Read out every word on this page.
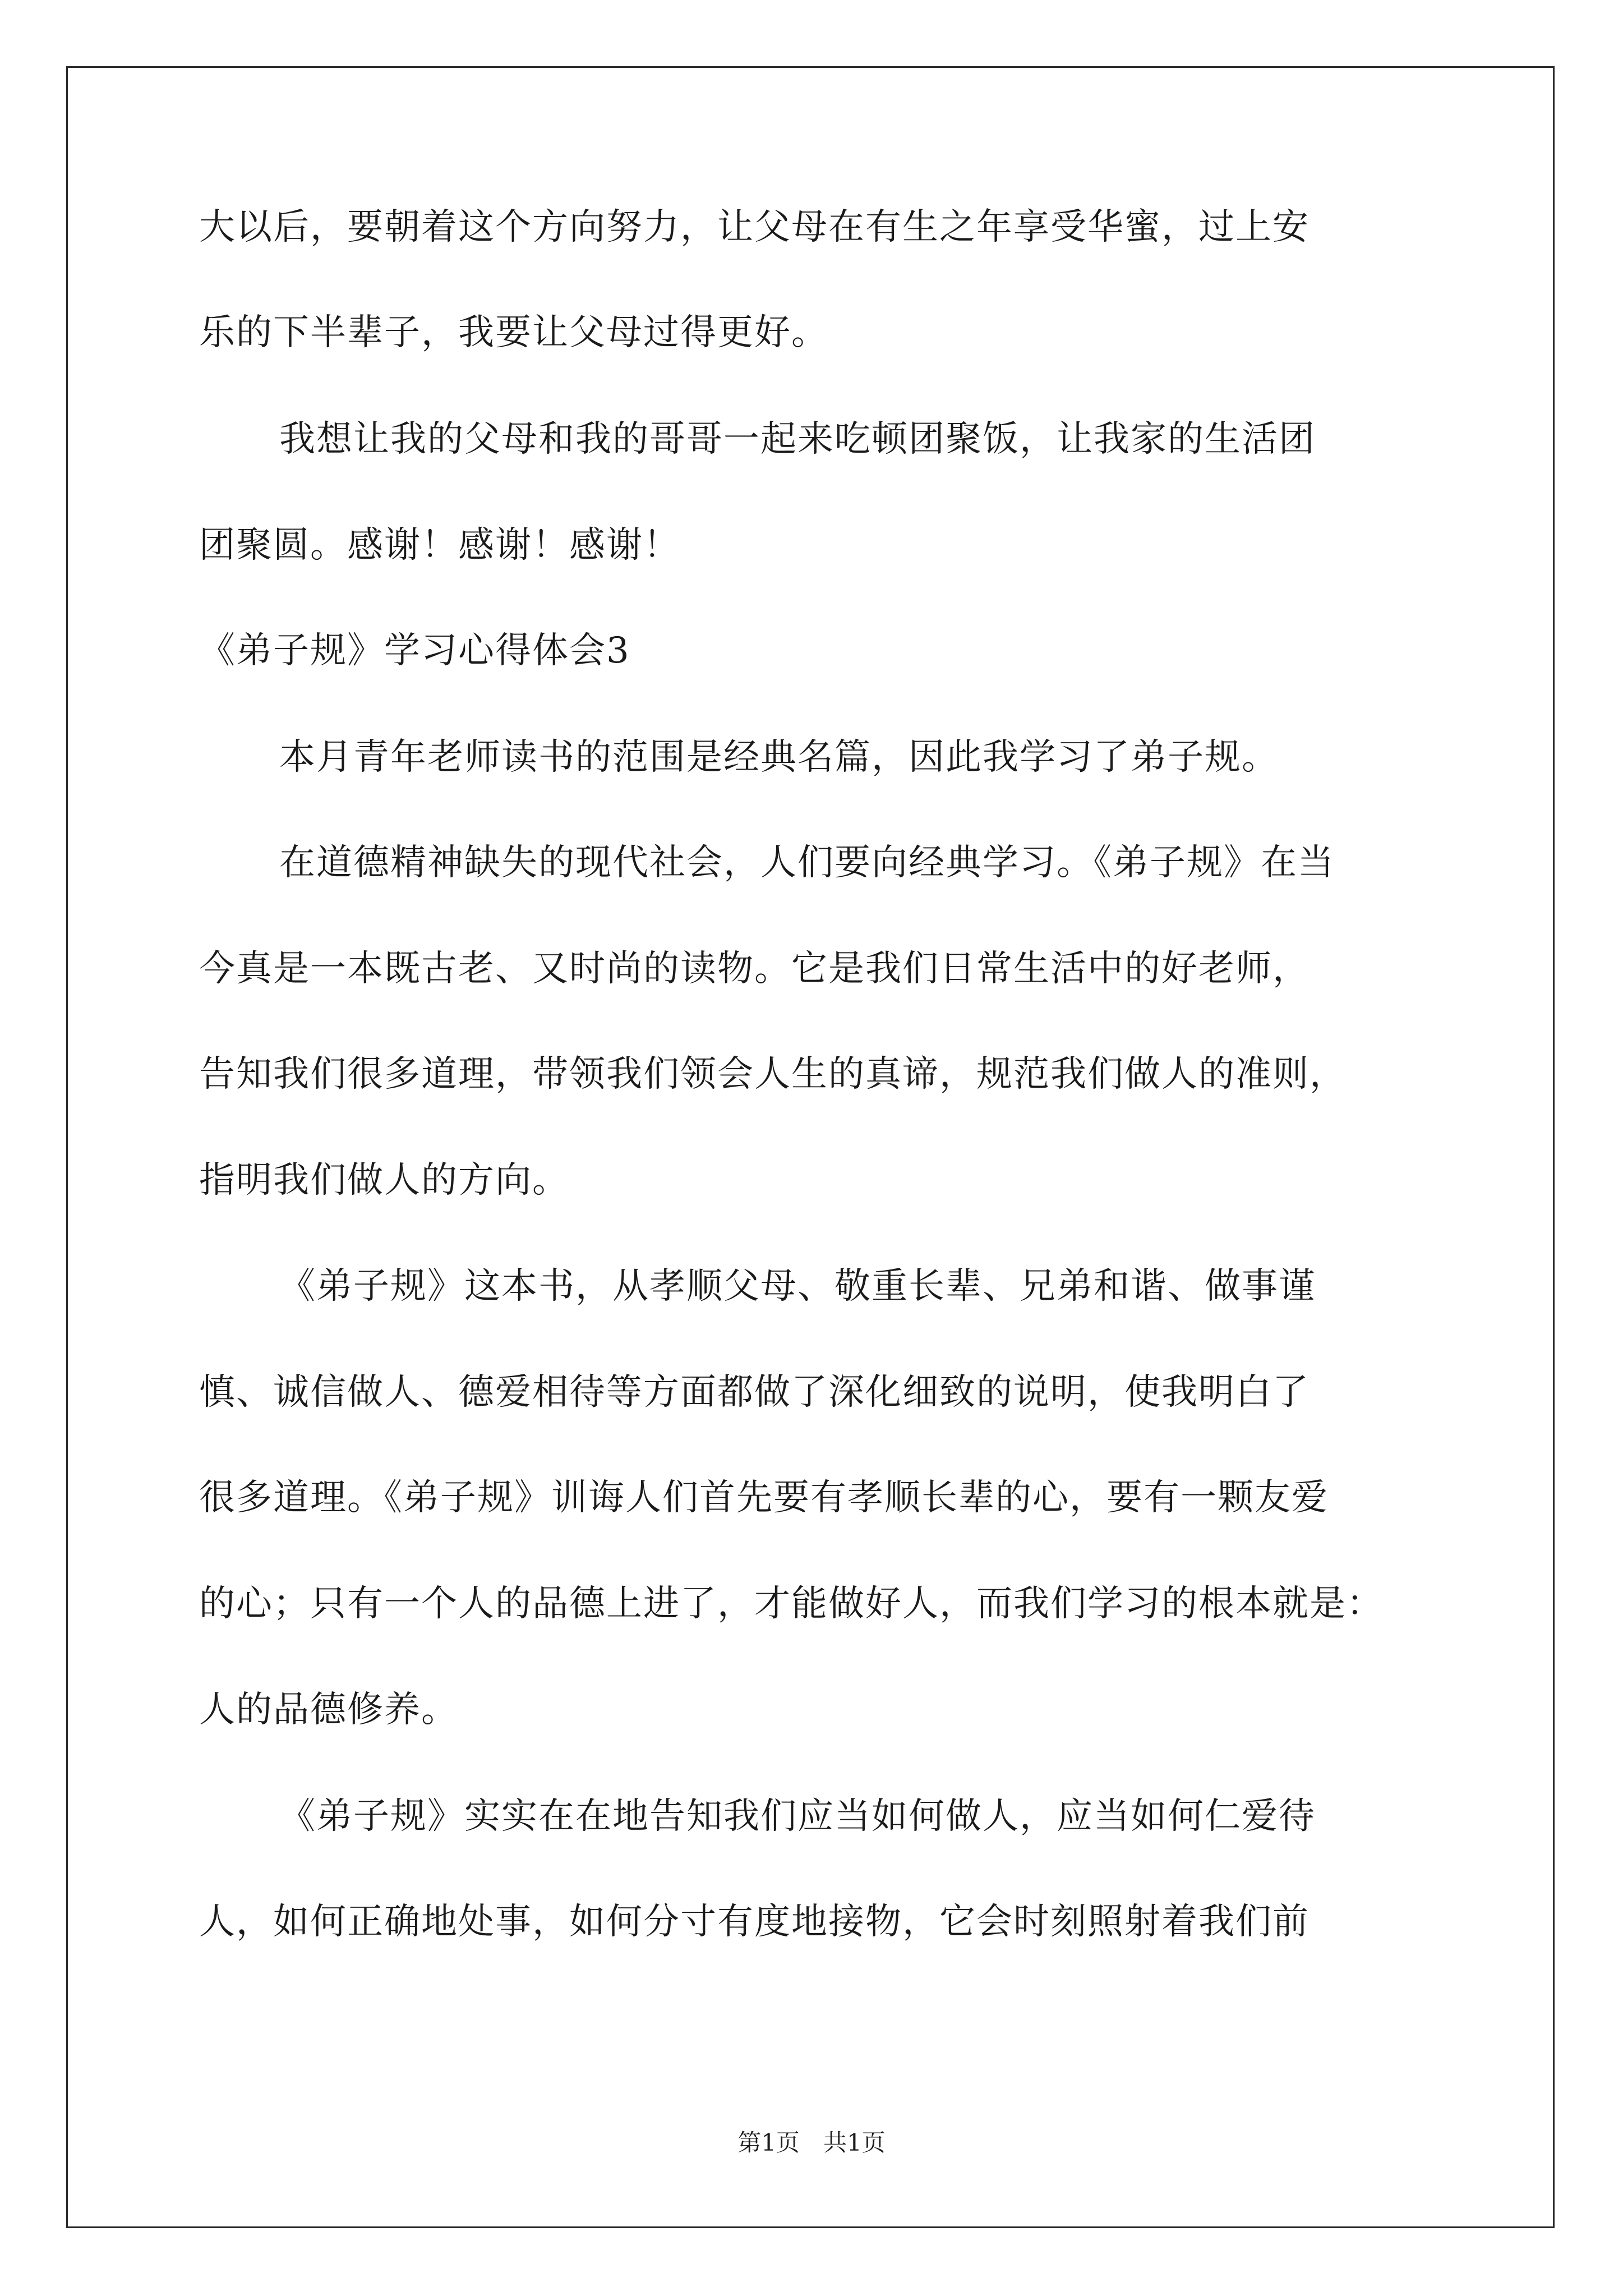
大以后，要朝着这个方向努力，让父母在有生之年享受华蜜，过上安
乐的下半辈子，我要让父母过得更好。
我想让我的父母和我的哥哥一起来吃顿团聚饭，让我家的生活团
团聚圆。感谢！感谢！感谢！
《弟子规》学习心得体会3
本月青年老师读书的范围是经典名篇，因此我学习了弟子规。
在道德精神缺失的现代社会，人们要向经典学习。《弟子规》在当
今真是一本既古老、又时尚的读物。它是我们日常生活中的好老师，
告知我们很多道理，带领我们领会人生的真谛，规范我们做人的准则，
指明我们做人的方向。
《弟子规》这本书，从孝顺父母、敬重长辈、兄弟和谐、做事谨
慎、诚信做人、德爱相待等方面都做了深化细致的说明，使我明白了
很多道理。《弟子规》训诲人们首先要有孝顺长辈的心，要有一颗友爱
的心；只有一个人的品德上进了，才能做好人，而我们学习的根本就是：
人的品德修养。
《弟子规》实实在在地告知我们应当如何做人，应当如何仁爱待
人，如何正确地处事，如何分寸有度地接物，它会时刻照射着我们前
第1页　共1页
